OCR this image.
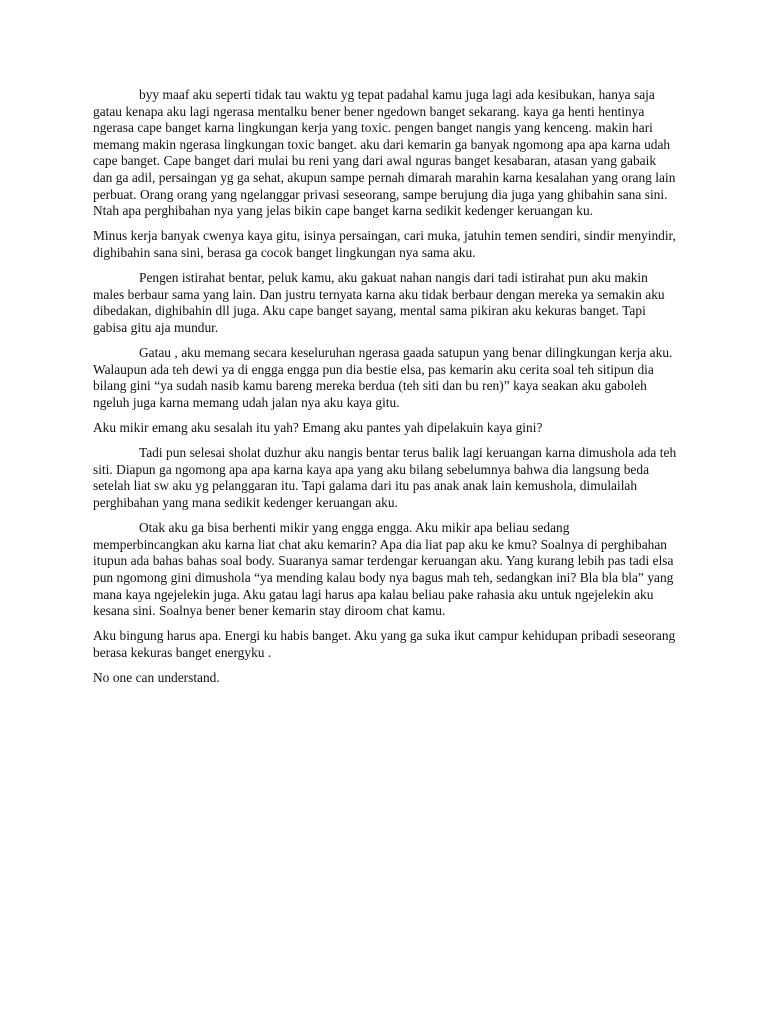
byy maaf aku seperti tidak tau waktu yg tepat padahal kamu juga lagi ada kesibukan, hanya saja gatau kenapa aku lagi ngerasa mentalku bener bener ngedown banget sekarang. kaya ga henti hentinya ngerasa cape banget karna lingkungan kerja yang toxic. pengen banget nangis yang kenceng. makin hari memang makin ngerasa lingkungan toxic banget. aku dari kemarin ga banyak ngomong apa apa karna udah cape banget. Cape banget dari mulai bu reni yang dari awal nguras banget kesabaran, atasan yang gabaik dan ga adil, persaingan yg ga sehat, akupun sampe pernah dimarah marahin karna kesalahan yang orang lain perbuat. Orang orang yang ngelanggar privasi seseorang, sampe berujung dia juga yang ghibahin sana sini. Ntah apa perghibahan nya yang jelas bikin cape banget karna sedikit kedenger keruangan ku.

Minus kerja banyak cwenya kaya gitu, isinya persaingan, cari muka, jatuhin temen sendiri, sindir menyindir, dighibahin sana sini, berasa ga cocok banget lingkungan nya sama aku.

Pengen istirahat bentar, peluk kamu, aku gakuat nahan nangis dari tadi istirahat pun aku makin males berbaur sama yang lain. Dan justru ternyata karna aku tidak berbaur dengan mereka ya semakin aku dibedakan, dighibahin dll juga. Aku cape banget sayang, mental sama pikiran aku kekuras banget. Tapi gabisa gitu aja mundur.

Gatau , aku memang secara keseluruhan ngerasa gaada satupun yang benar dilingkungan kerja aku. Walaupun ada teh dewi ya di engga engga pun dia bestie elsa, pas kemarin aku cerita soal teh sitipun dia bilang gini “ya sudah nasib kamu bareng mereka berdua (teh siti dan bu ren)” kaya seakan aku gaboleh ngeluh juga karna memang udah jalan nya aku kaya gitu.

Aku mikir emang aku sesalah itu yah? Emang aku pantes yah dipelakuin kaya gini?

Tadi pun selesai sholat duzhur aku nangis bentar terus balik lagi keruangan karna dimushola ada teh siti. Diapun ga ngomong apa apa karna kaya apa yang aku bilang sebelumnya bahwa dia langsung beda setelah liat sw aku yg pelanggaran itu. Tapi galama dari itu pas anak anak lain kemushola, dimulailah perghibahan yang mana sedikit kedenger keruangan aku.

Otak aku ga bisa berhenti mikir yang engga engga. Aku mikir apa beliau sedang memperbincangkan aku karna liat chat aku kemarin? Apa dia liat pap aku ke kmu? Soalnya di perghibahan itupun ada bahas bahas soal body. Suaranya samar terdengar keruangan aku. Yang kurang lebih pas tadi elsa pun ngomong gini dimushola “ya mending kalau body nya bagus mah teh, sedangkan ini? Bla bla bla” yang mana kaya ngejelekin juga. Aku gatau lagi harus apa kalau beliau pake rahasia aku untuk ngejelekin aku kesana sini. Soalnya bener bener kemarin stay diroom chat kamu.

Aku bingung harus apa. Energi ku habis banget. Aku yang ga suka ikut campur kehidupan pribadi seseorang berasa kekuras banget energyku .

No one can understand.
